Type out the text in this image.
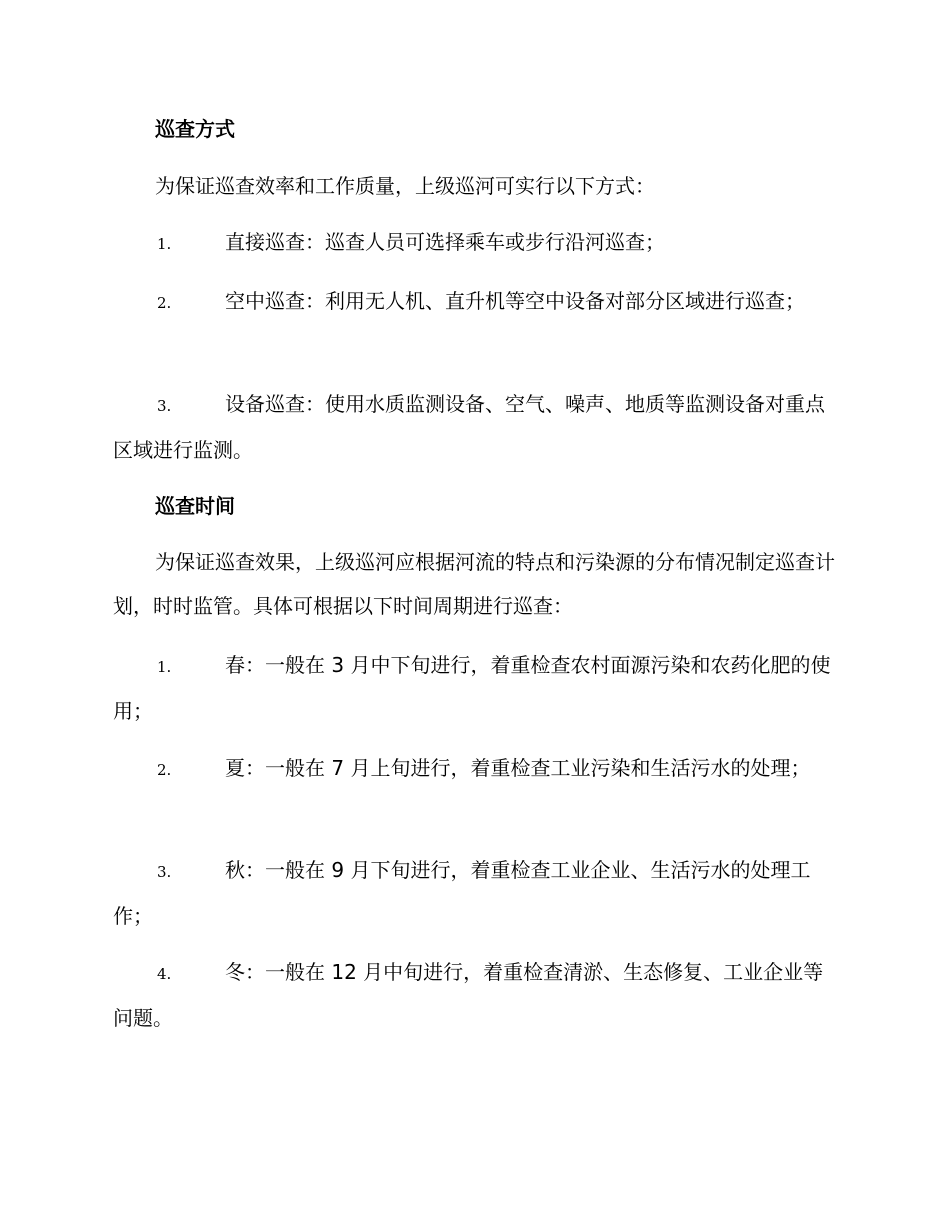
巡查方式

为保证巡查效率和工作质量，上级巡河可实行以下方式：

1.	直接巡查：巡查人员可选择乘车或步行沿河巡查；

2.	空中巡查：利用无人机、直升机等空中设备对部分区域进行巡查；

3.	设备巡查：使用水质监测设备、空气、噪声、地质等监测设备对重点区域进行监测。

巡查时间

为保证巡查效果，上级巡河应根据河流的特点和污染源的分布情况制定巡查计划，时时监管。具体可根据以下时间周期进行巡查：

1.	春：一般在 3 月中下旬进行，着重检查农村面源污染和农药化肥的使用；

2.	夏：一般在 7 月上旬进行，着重检查工业污染和生活污水的处理；

3.	秋：一般在 9 月下旬进行，着重检查工业企业、生活污水的处理工作；

4.	冬：一般在 12 月中旬进行，着重检查清淤、生态修复、工业企业等问题。
